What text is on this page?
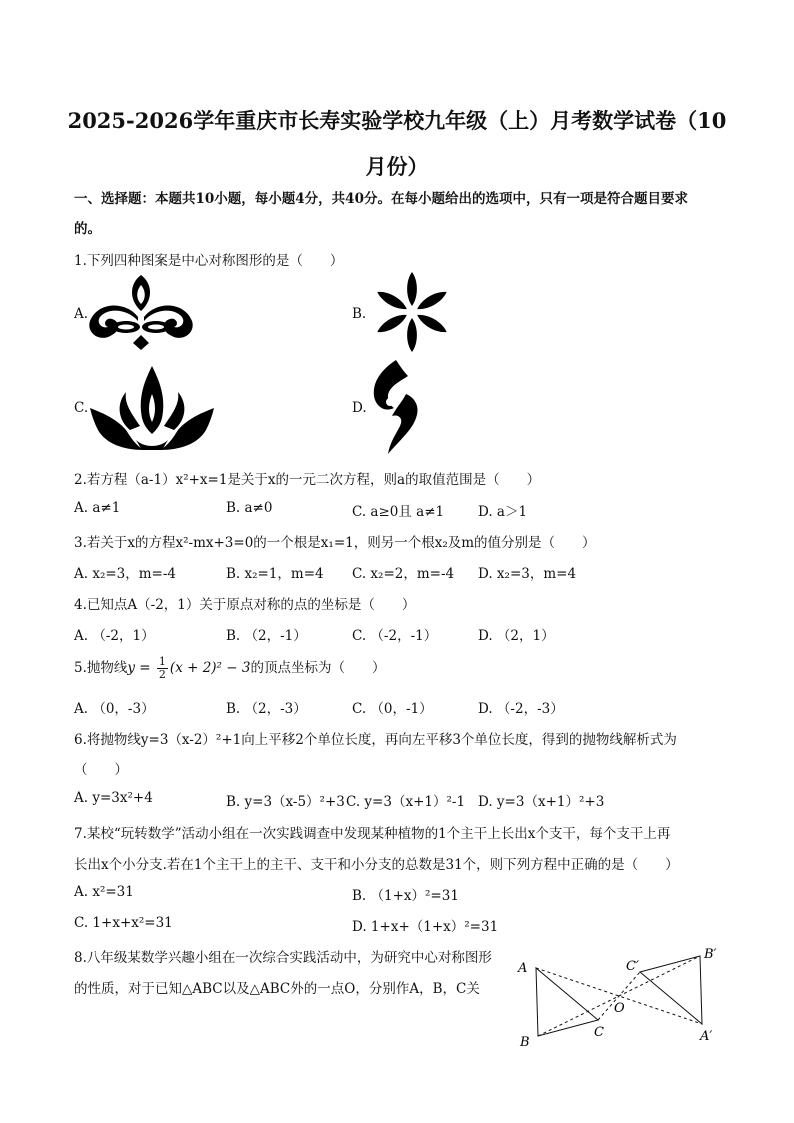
2025-2026学年重庆市长寿实验学校九年级（上）月考数学试卷（10
月份）
一、选择题：本题共10小题，每小题4分，共40分。在每小题给出的选项中，只有一项是符合题目要求
的。
1.下列四种图案是中心对称图形的是（　　）
A.	B.
C.	D.
2.若方程（a-1）x²+x=1是关于x的一元二次方程，则a的取值范围是（　　）
A. a≠1	B. a≠0	C. a≥0且 a≠1	D. a＞1
3.若关于x的方程x²-mx+3=0的一个根是x₁=1，则另一个根x₂及m的值分别是（　　）
A. x₂=3，m=-4	B. x₂=1，m=4 C. x₂=2，m=-4 D. x₂=3，m=4
4.已知点A（-2，1）关于原点对称的点的坐标是（　　）
A. （-2，1）	B. （2，-1）	C. （-2，-1）	D. （2，1）
5.抛物线$y = \frac{1}{2} (x + 2)^2 - 3$的顶点坐标为（　　）
A. （0，-3）	B. （2，-3）	C. （0，-1）	D. （-2，-3）
6.将抛物线y=3（x-2）²+1向上平移2个单位长度，再向左平移3个单位长度，得到的抛物线解析式为
（　　）
A. y=3x²+4	B. y=3（x-5）²+3 C. y=3（x+1）²-1 D. y=3（x+1）²+3
7.某校“玩转数学”活动小组在一次实践调查中发现某种植物的1个主干上长出x个支干，每个支干上再
长出x个小分支.若在1个主干上的主干、支干和小分支的总数是31个，则下列方程中正确的是（　　）
A. x²=31	B. （1+x）²=31
C. 1+x+x²=31	D. 1+x+（1+x）²=31
8.八年级某数学兴趣小组在一次综合实践活动中，为研究中心对称图形
的性质，对于已知△ABC以及△ABC外的一点O，分别作A，B，C关
A
B
C
O
A′
B′
C′
